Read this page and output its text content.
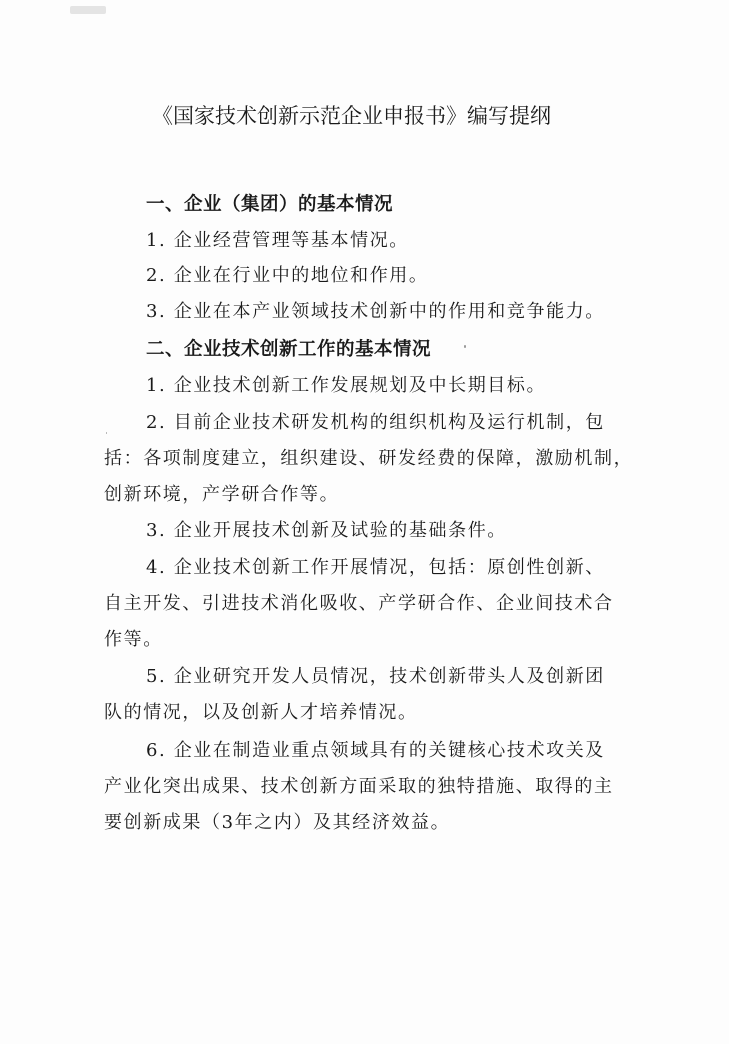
《国家技术创新示范企业申报书》编写提纲
一、企业（集团）的基本情况
1. 企业经营管理等基本情况。
2. 企业在行业中的地位和作用。
3. 企业在本产业领域技术创新中的作用和竞争能力。
二、企业技术创新工作的基本情况
1. 企业技术创新工作发展规划及中长期目标。
2. 目前企业技术研发机构的组织机构及运行机制，包
括：各项制度建立，组织建设、研发经费的保障，激励机制，
创新环境，产学研合作等。
3. 企业开展技术创新及试验的基础条件。
4. 企业技术创新工作开展情况，包括：原创性创新、
自主开发、引进技术消化吸收、产学研合作、企业间技术合
作等。
5. 企业研究开发人员情况，技术创新带头人及创新团
队的情况，以及创新人才培养情况。
6. 企业在制造业重点领域具有的关键核心技术攻关及
产业化突出成果、技术创新方面采取的独特措施、取得的主
要创新成果（3年之内）及其经济效益。
